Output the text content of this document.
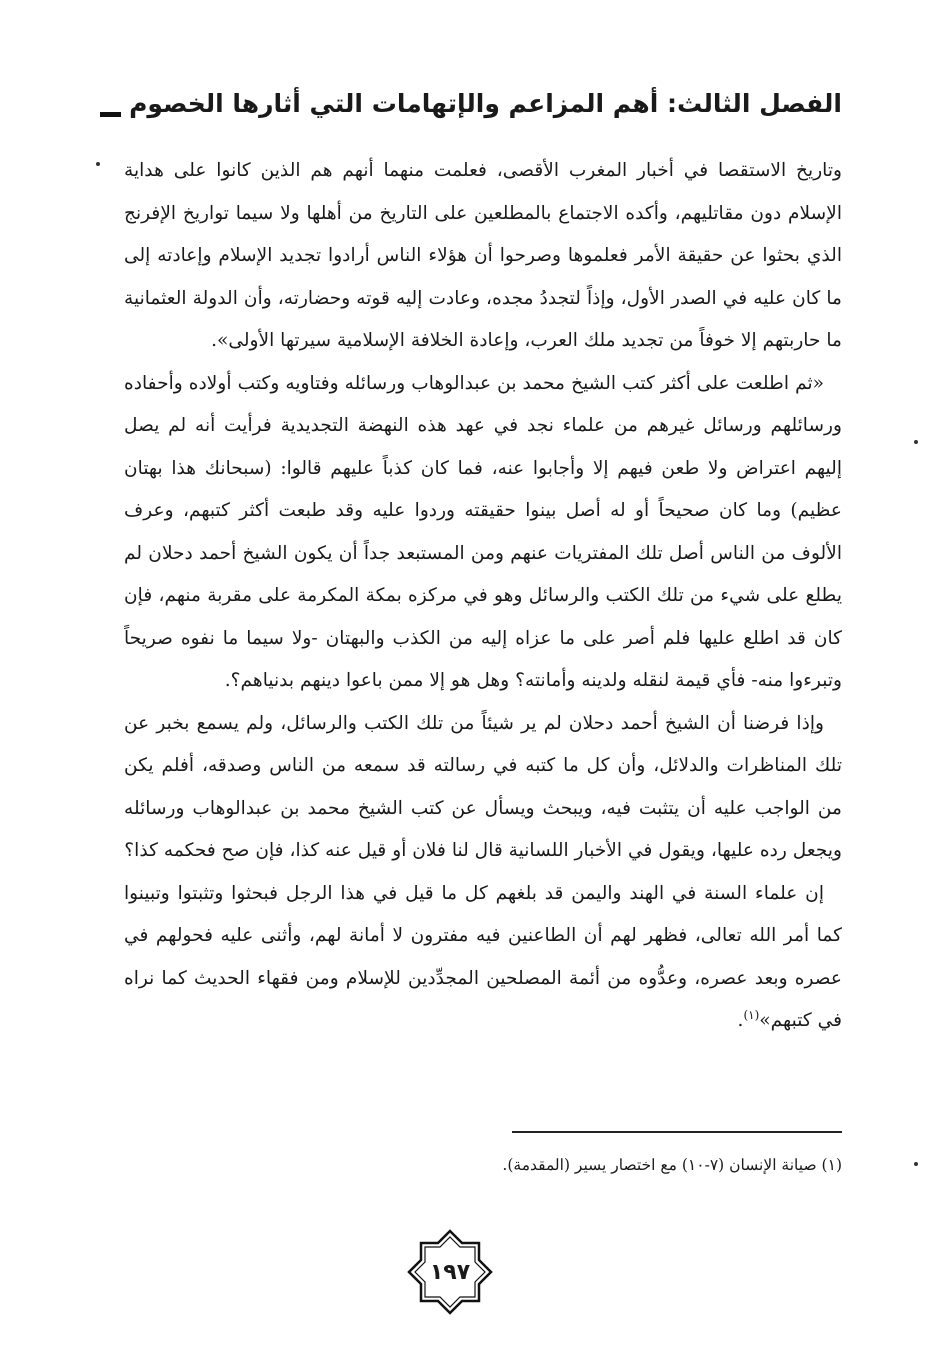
الفصل الثالث: أهم المزاعم والإتهامات التي أثارها الخصوم

وتاريخ الاستقصا في أخبار المغرب الأقصى، فعلمت منهما أنهم هم الذين كانوا على هداية الإسلام دون مقاتليهم، وأكده الاجتماع بالمطلعين على التاريخ من أهلها ولا سيما تواريخ الإفرنج الذي بحثوا عن حقيقة الأمر فعلموها وصرحوا أن هؤلاء الناس أرادوا تجديد الإسلام وإعادته إلى ما كان عليه في الصدر الأول، وإذاً لتجددُ مجده، وعادت إليه قوته وحضارته، وأن الدولة العثمانية ما حاربتهم إلا خوفاً من تجديد ملك العرب، وإعادة الخلافة الإسلامية سيرتها الأولى».

«ثم اطلعت على أكثر كتب الشيخ محمد بن عبدالوهاب ورسائله وفتاويه وكتب أولاده وأحفاده ورسائلهم ورسائل غيرهم من علماء نجد في عهد هذه النهضة التجديدية فرأيت أنه لم يصل إليهم اعتراض ولا طعن فيهم إلا وأجابوا عنه، فما كان كذباً عليهم قالوا: (سبحانك هذا بهتان عظيم) وما كان صحيحاً أو له أصل بينوا حقيقته وردوا عليه وقد طبعت أكثر كتبهم، وعرف الألوف من الناس أصل تلك المفتريات عنهم ومن المستبعد جداً أن يكون الشيخ أحمد دحلان لم يطلع على شيء من تلك الكتب والرسائل وهو في مركزه بمكة المكرمة على مقربة منهم، فإن كان قد اطلع عليها فلم أصر على ما عزاه إليه من الكذب والبهتان -ولا سيما ما نفوه صريحاً وتبرءوا منه- فأي قيمة لنقله ولدينه وأمانته؟ وهل هو إلا ممن باعوا دينهم بدنياهم؟.

وإذا فرضنا أن الشيخ أحمد دحلان لم ير شيئاً من تلك الكتب والرسائل، ولم يسمع بخبر عن تلك المناظرات والدلائل، وأن كل ما كتبه في رسالته قد سمعه من الناس وصدقه، أفلم يكن من الواجب عليه أن يتثبت فيه، ويبحث ويسأل عن كتب الشيخ محمد بن عبدالوهاب ورسائله ويجعل رده عليها، ويقول في الأخبار اللسانية قال لنا فلان أو قيل عنه كذا، فإن صح فحكمه كذا؟

إن علماء السنة في الهند واليمن قد بلغهم كل ما قيل في هذا الرجل فبحثوا وتثبتوا وتبينوا كما أمر الله تعالى، فظهر لهم أن الطاعنين فيه مفترون لا أمانة لهم، وأثنى عليه فحولهم في عصره وبعد عصره، وعدُّوه من أئمة المصلحين المجدِّدين للإسلام ومن فقهاء الحديث كما نراه في كتبهم»$^{(١)}$.

(١) صيانة الإنسان (٧-١٠) مع اختصار يسير (المقدمة).
١٩٧
